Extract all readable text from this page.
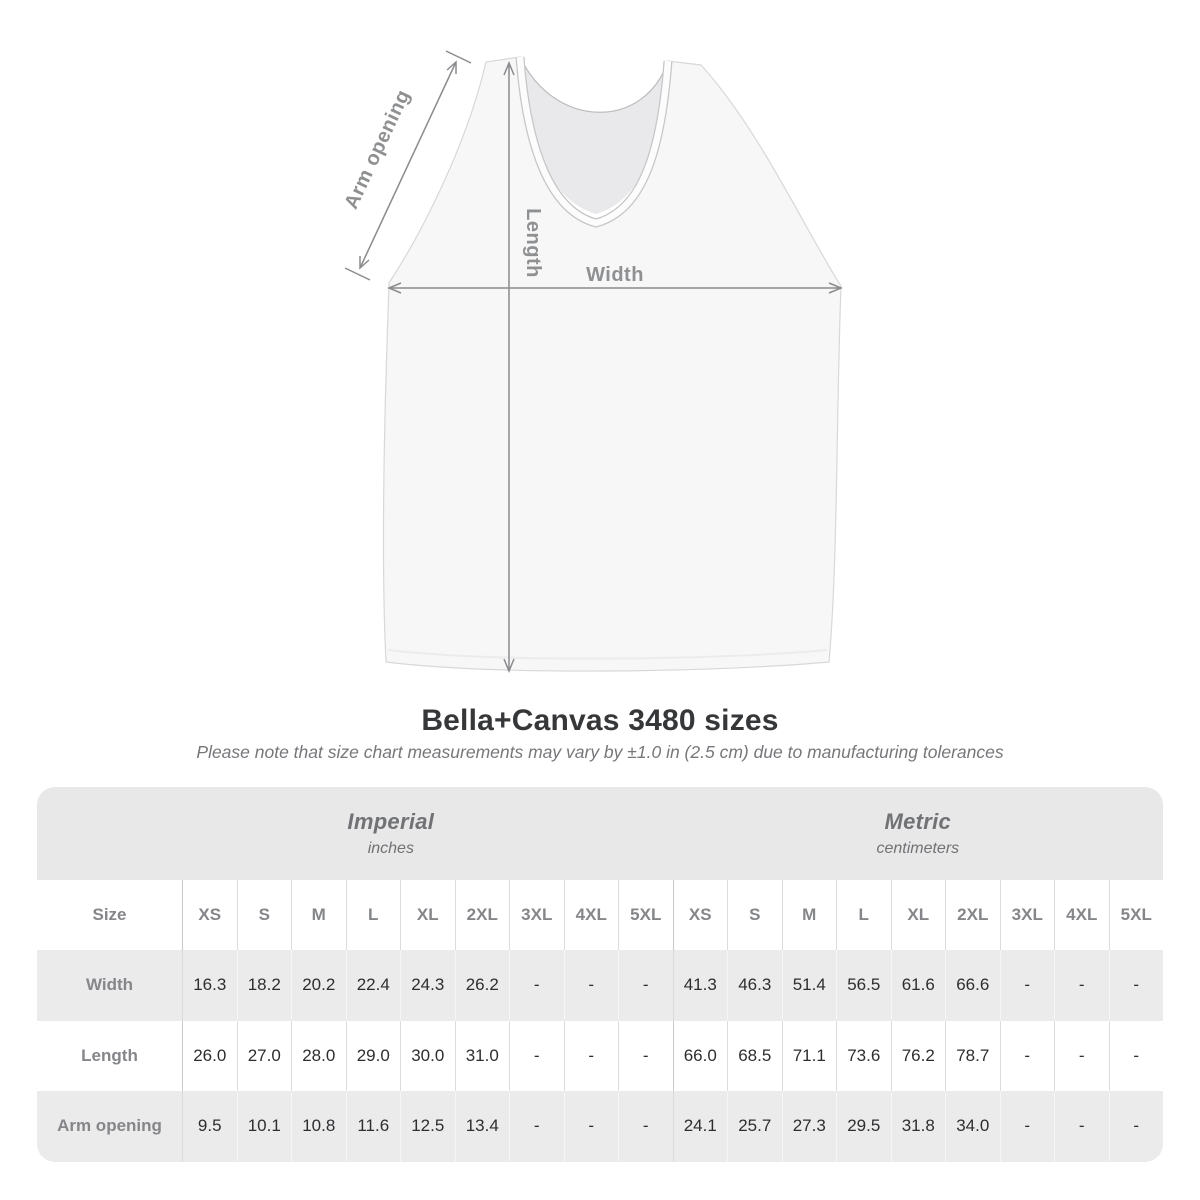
Arm opening
Length Width
Bella+Canvas 3480 sizes

Please note that size chart measurements may vary by ±1.0 in (2.5 cm) due to manufacturing tolerances

Imperial
inches
Metric
centimeters
Size	XS	S	M	L	XL	2XL	3XL	4XL	5XL	XS	S	M	L	XL	2XL	3XL	4XL	5XL
Width	16.3	18.2	20.2	22.4	24.3	26.2	-	-	-	41.3	46.3	51.4	56.5	61.6	66.6	-	-	-
Length	26.0	27.0	28.0	29.0	30.0	31.0	-	-	-	66.0	68.5	71.1	73.6	76.2	78.7	-	-	-
Arm opening	9.5	10.1	10.8	11.6	12.5	13.4	-	-	-	24.1	25.7	27.3	29.5	31.8	34.0	-	-	-
